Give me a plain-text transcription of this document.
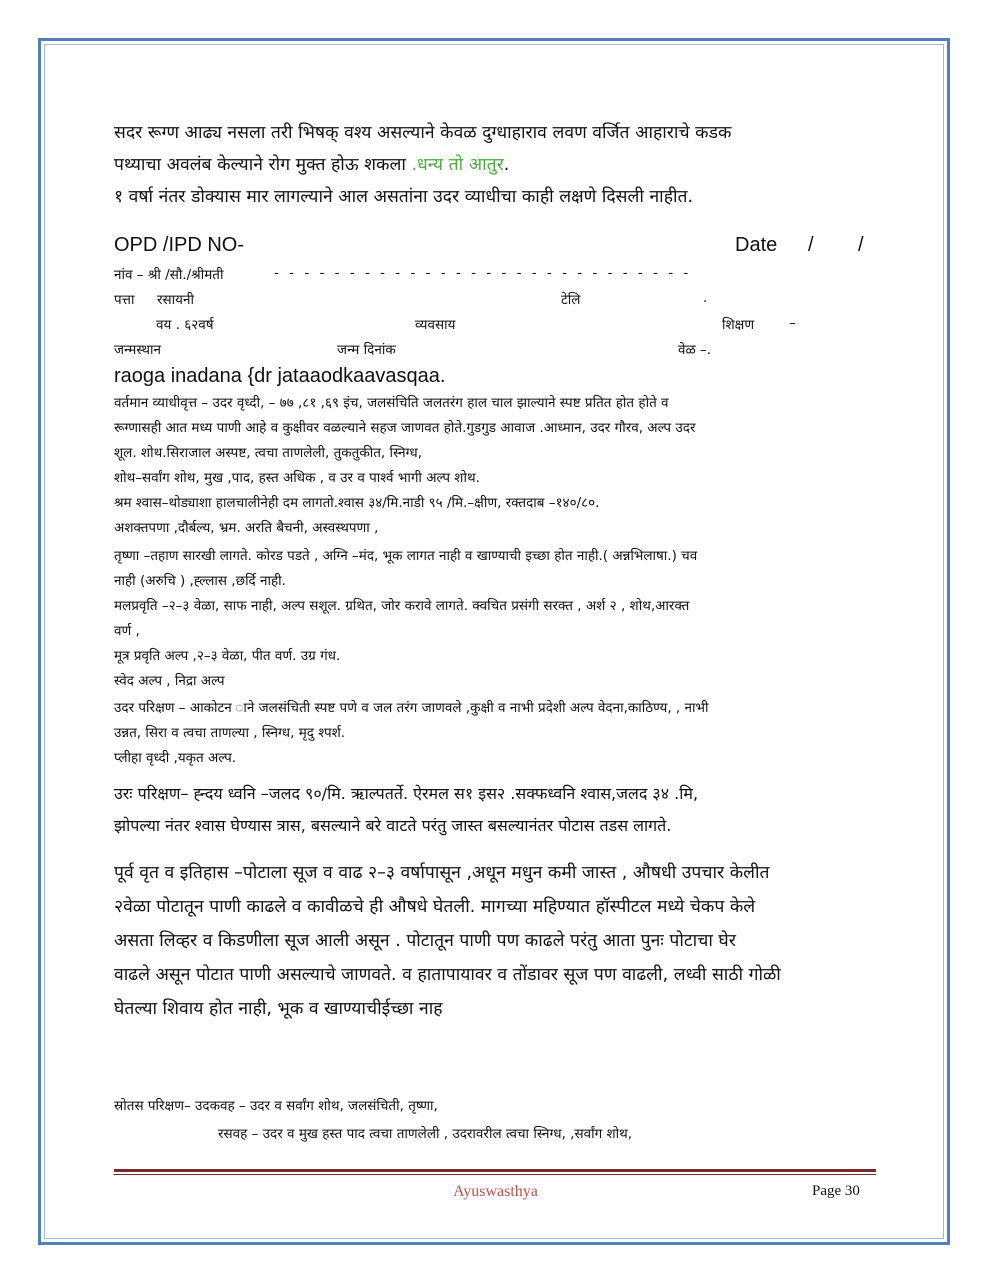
सदर रूग्ण आढ्य नसला तरी भिषक् वश्य असल्याने केवळ दुग्धाहाराव लवण वर्जित आहाराचे कडक
पथ्याचा अवलंब केल्याने रोग मुक्त होऊ शकला .धन्य तो आतुर.
१ वर्षा नंतर डोक्यास मार लागल्याने आल असतांना उदर व्याधीचा काही लक्षणे दिसली नाहीत.
OPD /IPD NO-	Date / /
नांव – श्री /सौ./श्रीमती	- - - - - - - - - - - - - - - - - - - - - - - - - - - -
पत्ता रसायनी	टेलि	.
वय . ६२वर्ष	व्यवसाय	शिक्षण	–
जन्मस्थान	जन्म दिनांक	वेळ –.
raoga inadana {dr jataaodkaavasqaa.
वर्तमान व्याधीवृत्त – उदर वृध्दी, – ७७ ,८१ ,६९ इंच, जलसंचिति जलतरंग हाल चाल झाल्याने स्पष्ट प्रतित होत होते व
रूग्णासही आत मध्य पाणी आहे व कुक्षीवर वळल्याने सहज जाणवत होते.गुडगुड आवाज .आध्मान, उदर गौरव, अल्प उदर
शूल. शोथ.सिराजाल अस्पष्ट, त्वचा ताणलेली, तुकतुकीत, स्निग्ध,
शोथ–सर्वांग शोथ, मुख ,पाद, हस्त अधिक , व उर व पार्श्व भागी अल्प शोथ.
श्रम श्वास–थोड्याशा हालचालीनेही दम लागतो.श्वास ३४/मि.नाडी ९५ /मि.–क्षीण, रक्तदाब –१४०/८०.
अशक्तपणा ,दौर्बल्य, भ्रम. अरति बैचनी, अस्वस्थपणा ,
तृष्णा –तहाण सारखी लागते. कोरड पडते , अग्नि –मंद, भूक लागत नाही व खाण्याची इच्छा होत नाही.( अन्नभिलाषा.) चव
नाही (अरुचि ) ,ह्ल्लास ,छर्दि नाही.
मलप्रवृति –२–३ वेळा, साफ नाही, अल्प सशूल. ग्रथित, जोर करावे लागते. क्वचित प्रसंगी सरक्त , अर्श २ , शोथ,आरक्त
वर्ण ,
मूत्र प्रवृति अल्प ,२–३ वेळा, पीत वर्ण. उग्र गंध.
स्वेद अल्प , निद्रा अल्प
उदर परिक्षण – आकोटन ाने जलसंचिती स्पष्ट पणे व जल तरंग जाणवले ,कुक्षी व नाभी प्रदेशी अल्प वेदना,काठिण्य, , नाभी
उन्नत, सिरा व त्वचा ताणल्या , स्निग्ध, मृदु श्पर्श.
प्लीहा वृध्दी ,यकृत अल्प.
उरः परिक्षण– ह्न्दय ध्वनि –जलद ९०/मि. ऋाल्पतर्ते. ऐरमल स१ इस२ .सक्फध्वनि श्वास,जलद ३४ .मि,
झोपल्या नंतर श्वास घेण्यास त्रास, बसल्याने बरे वाटते परंतु जास्त बसल्यानंतर पोटास तडस लागते.
पूर्व वृत व इतिहास –पोटाला सूज व वाढ २–३ वर्षापासून ,अधून मधुन कमी जास्त , औषधी उपचार केलीत
२वेळा पोटातून पाणी काढले व कावीळचे ही औषधे घेतली. मागच्या महिण्यात हॉस्पीटल मध्ये चेकप केले
असता लिव्हर व किडणीला सूज आली असून . पोटातून पाणी पण काढले परंतु आता पुनः पोटाचा घेर
वाढले असून पोटात पाणी असल्याचे जाणवते. व हातापायावर व तोंडावर सूज पण वाढली, लध्वी साठी गोळी
घेतल्या शिवाय होत नाही, भूक व खाण्याचीईच्छा नाह
स्रोतस परिक्षण– उदकवह – उदर व सर्वांग शोथ, जलसंचिती, तृष्णा,
रसवह – उदर व मुख हस्त पाद त्वचा ताणलेली , उदरावरील त्वचा स्निग्ध, ,सर्वांग शोथ,
Ayuswasthya	Page 30
